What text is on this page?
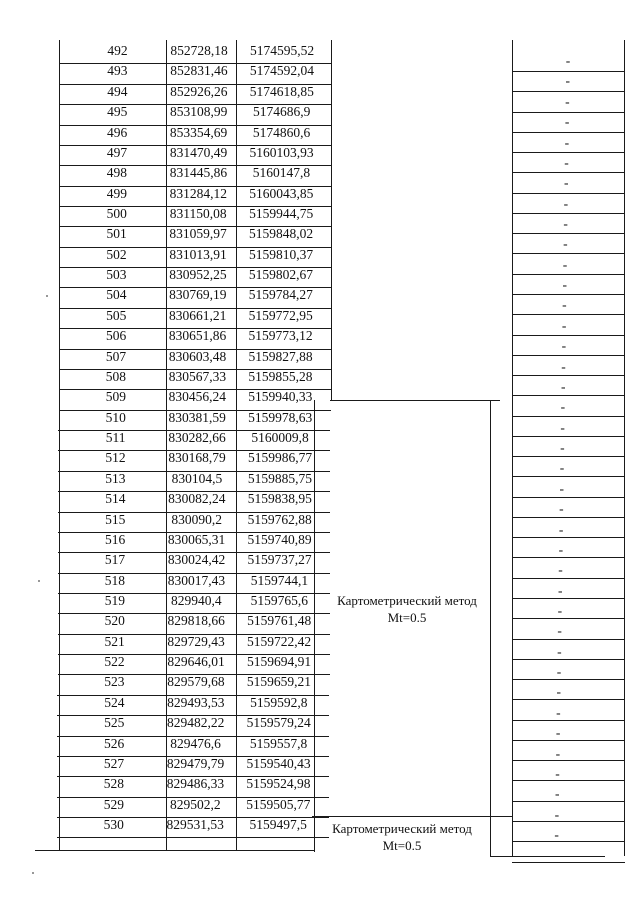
492	852728,18	5174595,52
-
493	852831,46	5174592,04
-
494	852926,26	5174618,85
-
495	853108,99	5174686,9
-
496	853354,69	5174860,6
-
497	831470,49	5160103,93
-
498	831445,86	5160147,8
-
499	831284,12	5160043,85
-
500	831150,08	5159944,75
-
501	831059,97	5159848,02
-
502	831013,91	5159810,37
-
503	830952,25	5159802,67
-
504	830769,19	5159784,27
-
505	830661,21	5159772,95
-
506	830651,86	5159773,12
-
507	830603,48	5159827,88
-
508	830567,33	5159855,28
-
509	830456,24	5159940,33
-
510	830381,59	5159978,63
-
511	830282,66	5160009,8
-
512	830168,79	5159986,77
-
513	830104,5	5159885,75
-
514	830082,24	5159838,95
-
515	830090,2	5159762,88
-
516	830065,31	5159740,89
-
517	830024,42	5159737,27
-
518	830017,43	5159744,1
-
519	829940,4	5159765,6
-
520	829818,66	5159761,48
-
521	829729,43	5159722,42
-
522	829646,01	5159694,91
-
523	829579,68	5159659,21
-
524	829493,53	5159592,8
-
525	829482,22	5159579,24
-
526	829476,6	5159557,8
-
527	829479,79	5159540,43
-
528	829486,33	5159524,98
-
529	829502,2	5159505,77
-
530	829531,53	5159497,5
-
Картометрический метод
Mt=0.5
Картометрический метод
Mt=0.5
